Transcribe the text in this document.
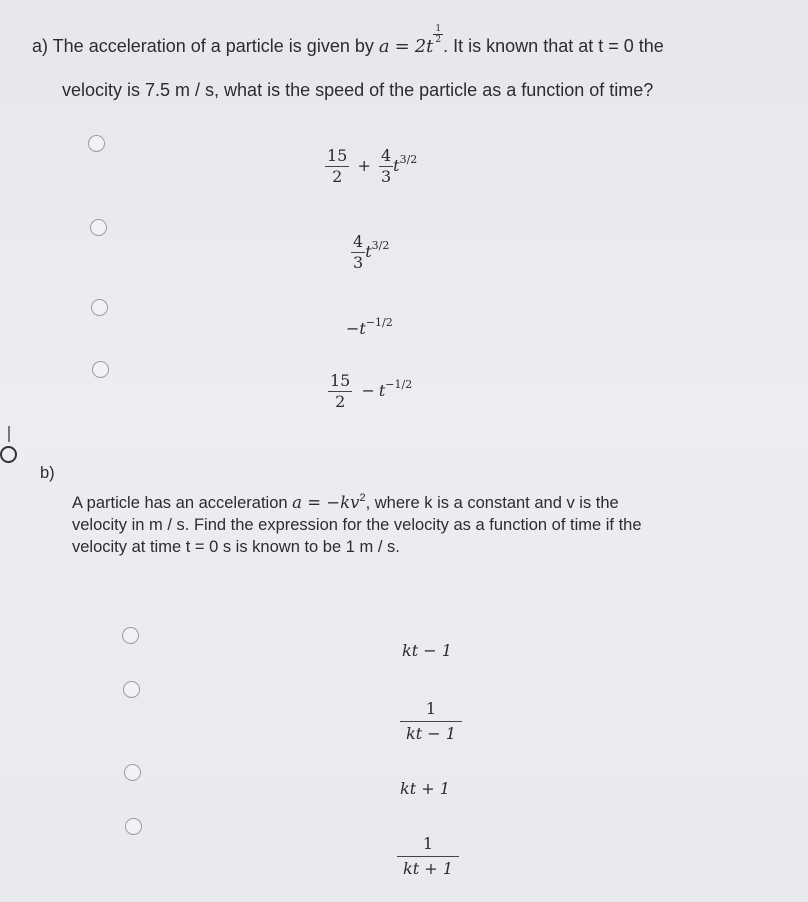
a) The acceleration of a particle is given by a = 2t
$\frac{1}{2}$
. It is known that at t = 0 the
velocity is 7.5 m / s, what is the speed of the particle as a function of time?
$\frac{15}{2} + \frac{4}{3} t^{3/2}$
$\frac{4}{3} t^{3/2}$
$-t^{-1/2}$
$\frac{15}{2} - t^{-1/2}$
b)
A particle has an acceleration $a = -kv^2$, where k is a constant and v is the
velocity in m / s. Find the expression for the velocity as a function of time if the
velocity at time t = 0 s is known to be 1 m / s.
kt − 1
$\frac{1}{kt - 1}$
kt + 1
$\frac{1}{kt + 1}$
